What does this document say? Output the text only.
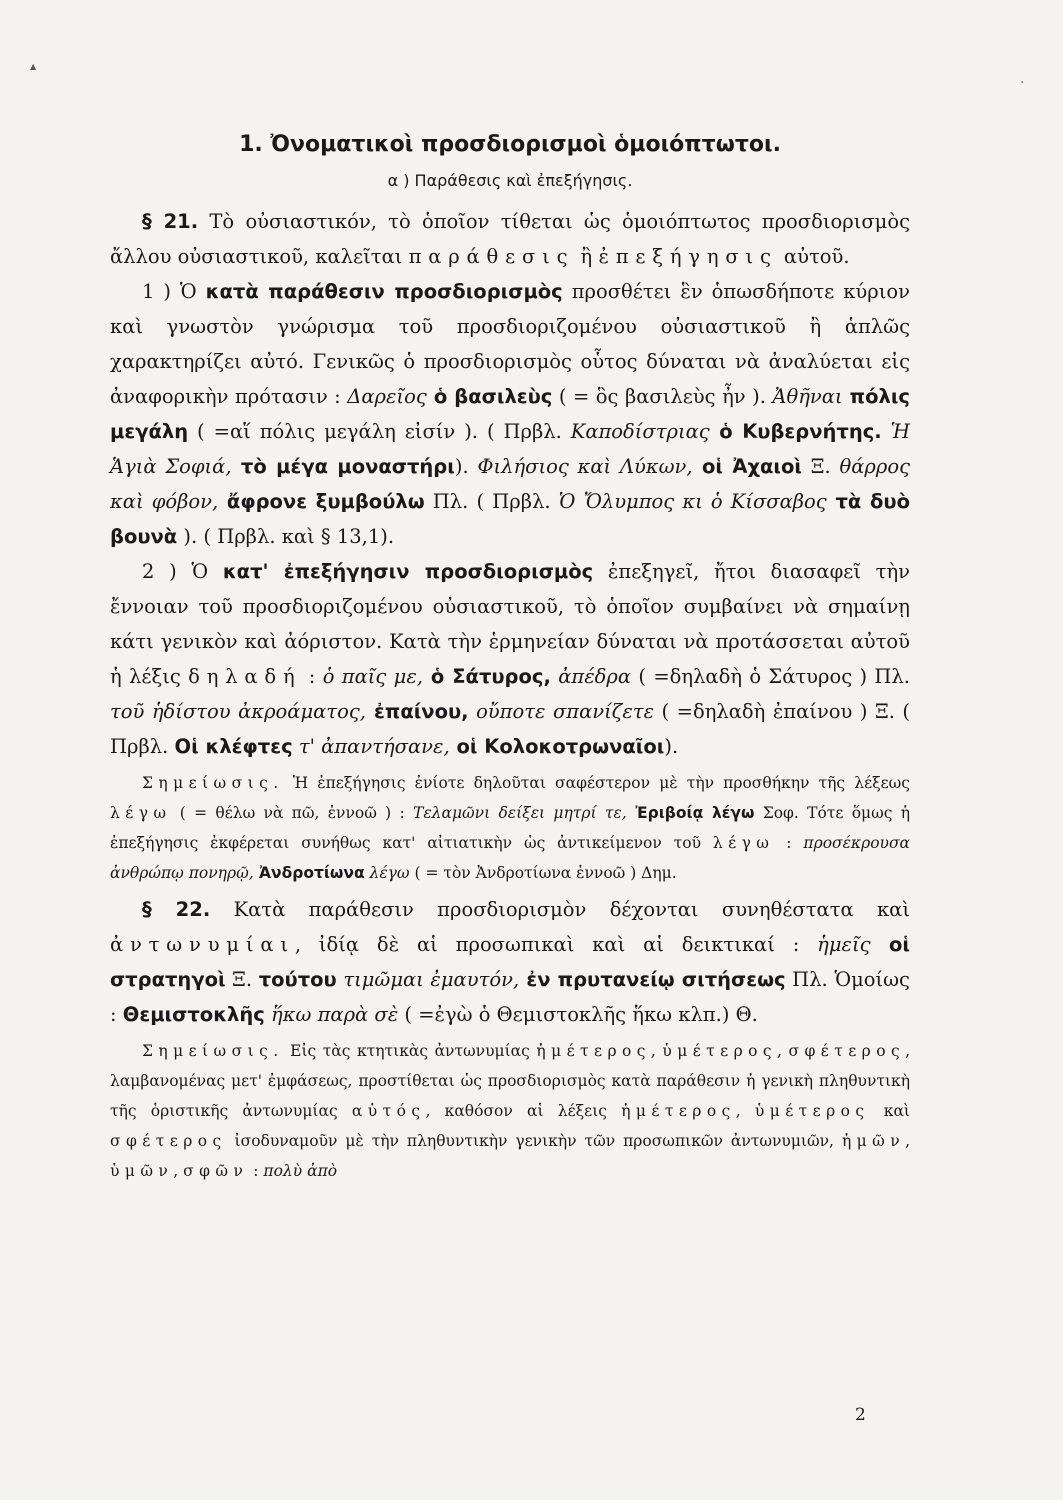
▲
·
1. Ὀνοματικοὶ προσδιορισμοὶ ὁμοιόπτωτοι.
α ) Παράθεσις καὶ ἐπεξήγησις.

§ 21. Τὸ οὐσιαστικόν, τὸ ὁποῖον τίθεται ὡς ὁμοιόπτωτος προσδιορισμὸς ἄλλου οὐσιαστικοῦ, καλεῖται παράθεσις ἢ ἐπεξήγησις αὐτοῦ.

1 ) Ὁ κατὰ παράθεσιν προσδιορισμὸς προσθέτει ἓν ὁπωσδήποτε κύριον καὶ γνωστὸν γνώρισμα τοῦ προσδιοριζομένου οὐσιαστικοῦ ἢ ἁπλῶς χαρακτηρίζει αὐτό. Γενικῶς ὁ προσδιορισμὸς οὗτος δύναται νὰ ἀναλύεται εἰς ἀναφορικὴν πρότασιν : Δαρεῖος ὁ βασιλεὺς ( = ὃς βασιλεὺς ἦν ). Ἀθῆναι πόλις μεγάλη ( =αἵ πόλις μεγάλη εἰσίν ). ( Πρβλ. Καποδίστριας ὁ Κυβερνήτης. Ἡ Ἁγιὰ Σοφιά, τὸ μέγα μοναστήρι). Φιλήσιος καὶ Λύκων, οἱ Ἀχαιοὶ Ξ. θάρρος καὶ φόβον, ἄφρονε ξυμβούλω Πλ. ( Πρβλ. Ὁ Ὄλυμπος κι ὁ Κίσσαβος τὰ δυὸ βουνὰ ). ( Πρβλ. καὶ § 13,1).

2 ) Ὁ κατ' ἐπεξήγησιν προσδιορισμὸς ἐπεξηγεῖ, ἤτοι διασαφεῖ τὴν ἔννοιαν τοῦ προσδιοριζομένου οὐσιαστικοῦ, τὸ ὁποῖον συμβαίνει νὰ σημαίνῃ κάτι γενικὸν καὶ ἀόριστον. Κατὰ τὴν ἑρμηνείαν δύναται νὰ προτάσσεται αὐτοῦ ἡ λέξις δηλαδή : ὁ παῖς με, ὁ Σάτυρος, ἀπέδρα ( =δηλαδὴ ὁ Σάτυρος ) Πλ. τοῦ ἡδίστου ἀκροάματος, ἐπαίνου, οὔποτε σπανίζετε ( =δηλαδὴ ἐπαίνου ) Ξ. ( Πρβλ. Οἱ κλέφτες τ' ἀπαντήσανε, οἱ Κολοκοτρωναῖοι).

Σημείωσις. Ἡ ἐπεξήγησις ἐνίοτε δηλοῦται σαφέστερον μὲ τὴν προσθήκην τῆς λέξεως λέγω ( = θέλω νὰ πῶ, ἐννοῶ ) : Τελαμῶνι δείξει μητρί τε, Ἐριβοίᾳ λέγω Σοφ. Τότε ὅμως ἡ ἐπεξήγησις ἐκφέρεται συνήθως κατ' αἰτιατικὴν ὡς ἀντικείμενον τοῦ λέγω : προσέκρουσα ἀνθρώπῳ πονηρῷ, Ἀνδροτίωνα λέγω ( = τὸν Ἀνδροτίωνα ἐννοῶ ) Δημ.

§ 22. Κατὰ παράθεσιν προσδιορισμὸν δέχονται συνηθέστατα καὶ ἀντωνυμίαι, ἰδίᾳ δὲ αἱ προσωπικαὶ καὶ αἱ δεικτικαί : ἡμεῖς οἱ στρατηγοὶ Ξ. τούτου τιμῶμαι ἐμαυτόν, ἐν πρυτανείῳ σιτήσεως Πλ. Ὁμοίως : Θεμιστοκλῆς ἥκω παρὰ σὲ ( =ἐγὼ ὁ Θεμιστοκλῆς ἥκω κλπ.) Θ.

Σημείωσις. Εἰς τὰς κτητικὰς ἀντωνυμίας ἡμέτερος, ὑμέτερος, σφέτερος, λαμβανομένας μετ' ἐμφάσεως, προστίθεται ὡς προσδιορισμὸς κατὰ παράθεσιν ἡ γενικὴ πληθυντικὴ τῆς ὁριστικῆς ἀντωνυμίας αὐτός, καθόσον αἱ λέξεις ἡμέτερος, ὑμέτερος καὶ σφέτερος ἰσοδυναμοῦν μὲ τὴν πληθυντικὴν γενικὴν τῶν προσωπικῶν ἀντωνυμιῶν, ἡμῶν, ὑμῶν, σφῶν : πολὺ ἀπὸ

2
